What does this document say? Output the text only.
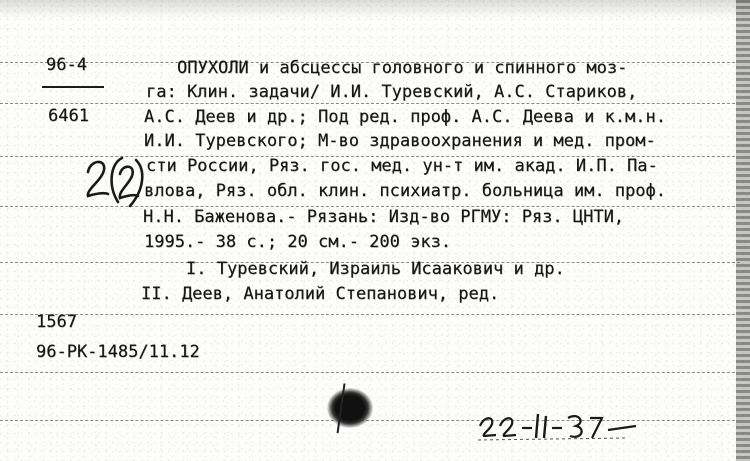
96-4
6461
ОПУХОЛИ и абсцессы головного и спинного моз-
га: Клин. задачи/ И.И. Туревский, А.С. Стариков,
А.С. Деев и др.; Под ред. проф. А.С. Деева и к.м.н.
И.И. Туревского; М-во здравоохранения и мед. пром-
сти России, Ряз. гос. мед. ун-т им. акад. И.П. Па-
влова, Ряз. обл. клин. психиатр. больница им. проф.
Н.Н. Баженова.- Рязань: Изд-во РГМУ: Ряз. ЦНТИ,
1995.- 38 с.; 20 см.- 200 экз.
I. Туревский, Израиль Исаакович и др.
II. Деев, Анатолий Степанович, ред.
1567
96-РК-1485/11.12
